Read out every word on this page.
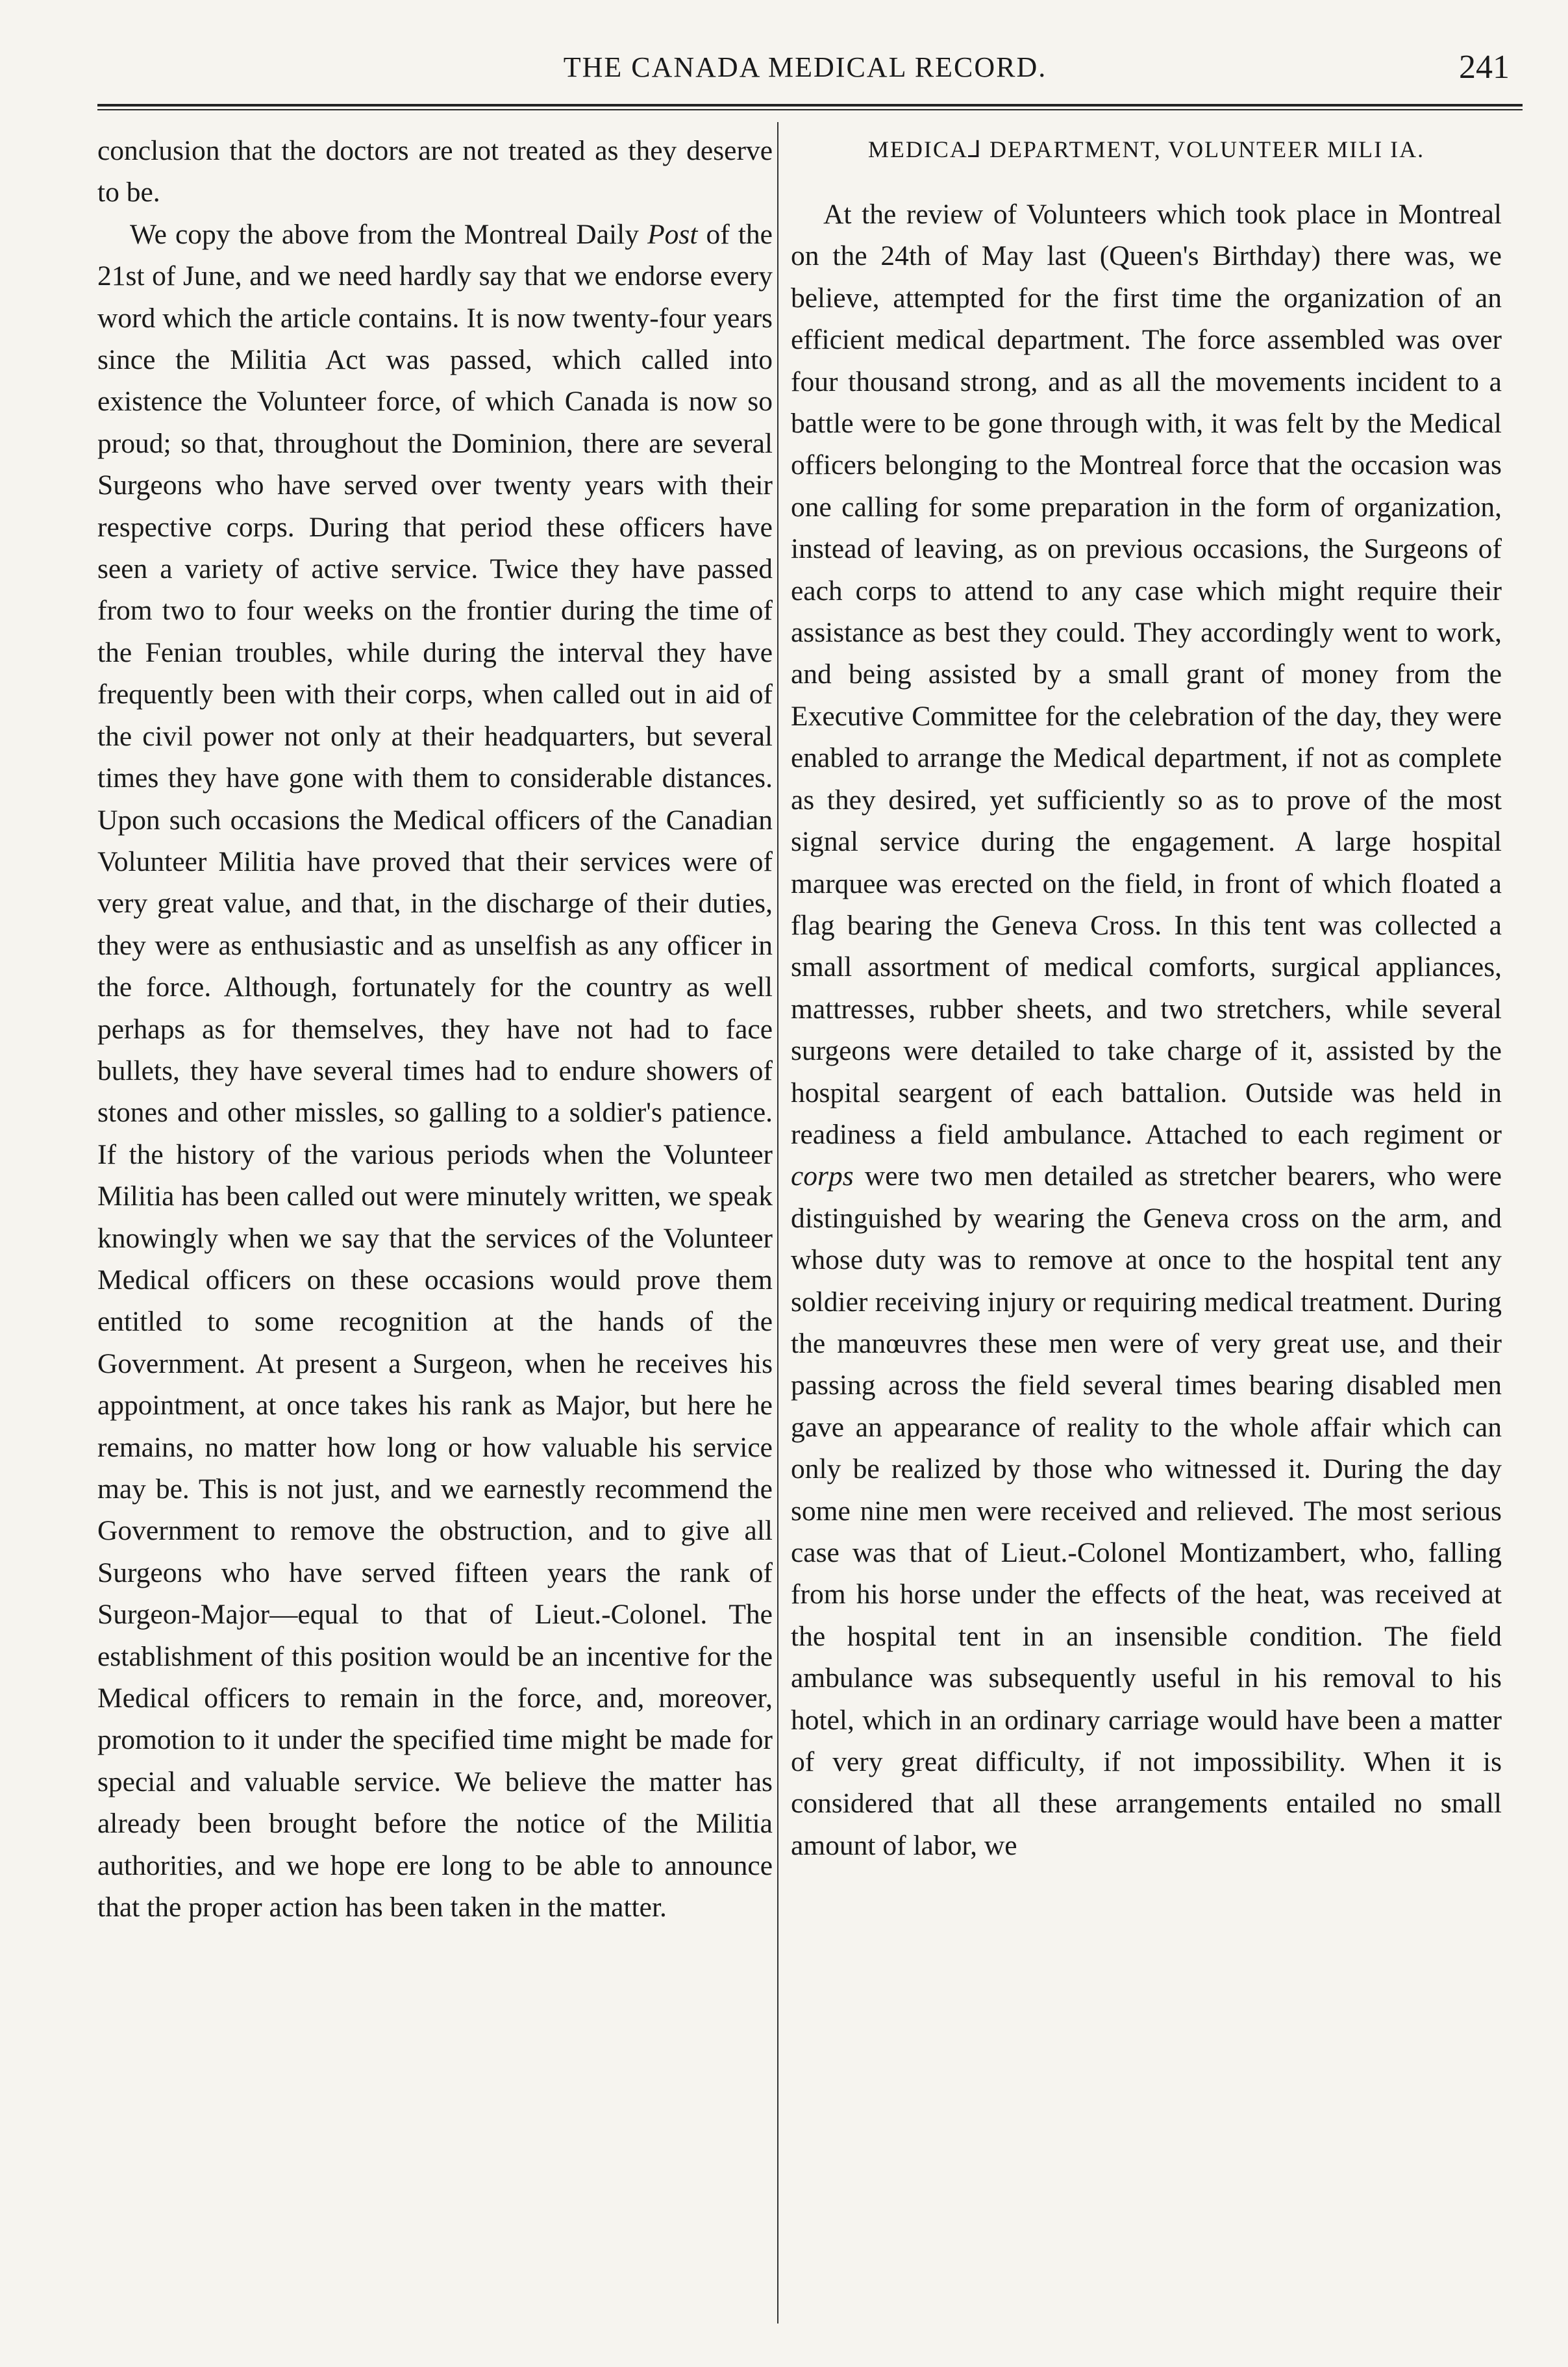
THE CANADA MEDICAL RECORD.	241

conclusion that the doctors are not treated as they deserve to be.

We copy the above from the Montreal Daily Post of the 21st of June, and we need hardly say that we endorse every word which the article contains. It is now twenty-four years since the Militia Act was passed, which called into existence the Volunteer force, of which Canada is now so proud; so that, throughout the Dominion, there are several Surgeons who have served over twenty years with their respective corps. During that period these officers have seen a variety of active service. Twice they have passed from two to four weeks on the frontier during the time of the Fenian troubles, while during the interval they have frequently been with their corps, when called out in aid of the civil power not only at their headquarters, but several times they have gone with them to considerable distances. Upon such occasions the Medical officers of the Canadian Volunteer Militia have proved that their services were of very great value, and that, in the discharge of their duties, they were as enthusiastic and as unselfish as any officer in the force. Although, fortunately for the country as well perhaps as for themselves, they have not had to face bullets, they have several times had to endure showers of stones and other missles, so galling to a soldier's patience. If the history of the various periods when the Volunteer Militia has been called out were minutely written, we speak knowingly when we say that the services of the Volunteer Medical officers on these occasions would prove them entitled to some recognition at the hands of the Government. At present a Surgeon, when he receives his appointment, at once takes his rank as Major, but here he remains, no matter how long or how valuable his service may be. This is not just, and we earnestly recommend the Government to remove the obstruction, and to give all Surgeons who have served fifteen years the rank of Surgeon-Major—equal to that of Lieut.-Colonel. The establishment of this position would be an incentive for the Medical officers to remain in the force, and, moreover, promotion to it under the specified time might be made for special and valuable service. We believe the matter has already been brought before the notice of the Militia authorities, and we hope ere long to be able to announce that the proper action has been taken in the matter.

MEDICA⅃ DEPARTMENT, VOLUNTEER MILI IA.

At the review of Volunteers which took place in Montreal on the 24th of May last (Queen's Birthday) there was, we believe, attempted for the first time the organization of an efficient medical department. The force assembled was over four thousand strong, and as all the movements incident to a battle were to be gone through with, it was felt by the Medical officers belonging to the Montreal force that the occasion was one calling for some preparation in the form of organization, instead of leaving, as on previous occasions, the Surgeons of each corps to attend to any case which might require their assistance as best they could. They accordingly went to work, and being assisted by a small grant of money from the Executive Committee for the celebration of the day, they were enabled to arrange the Medical department, if not as complete as they desired, yet sufficiently so as to prove of the most signal service during the engagement. A large hospital marquee was erected on the field, in front of which floated a flag bearing the Geneva Cross. In this tent was collected a small assortment of medical comforts, surgical appliances, mattresses, rubber sheets, and two stretchers, while several surgeons were detailed to take charge of it, assisted by the hospital seargent of each battalion. Outside was held in readiness a field ambulance. Attached to each regiment or corps were two men detailed as stretcher bearers, who were distinguished by wearing the Geneva cross on the arm, and whose duty was to remove at once to the hospital tent any soldier receiving injury or requiring medical treatment. During the manœuvres these men were of very great use, and their passing across the field several times bearing disabled men gave an appearance of reality to the whole affair which can only be realized by those who witnessed it. During the day some nine men were received and relieved. The most serious case was that of Lieut.-Colonel Montizambert, who, falling from his horse under the effects of the heat, was received at the hospital tent in an insensible condition. The field ambulance was subsequently useful in his removal to his hotel, which in an ordinary carriage would have been a matter of very great difficulty, if not impossibility. When it is considered that all these arrangements entailed no small amount of labor, we
